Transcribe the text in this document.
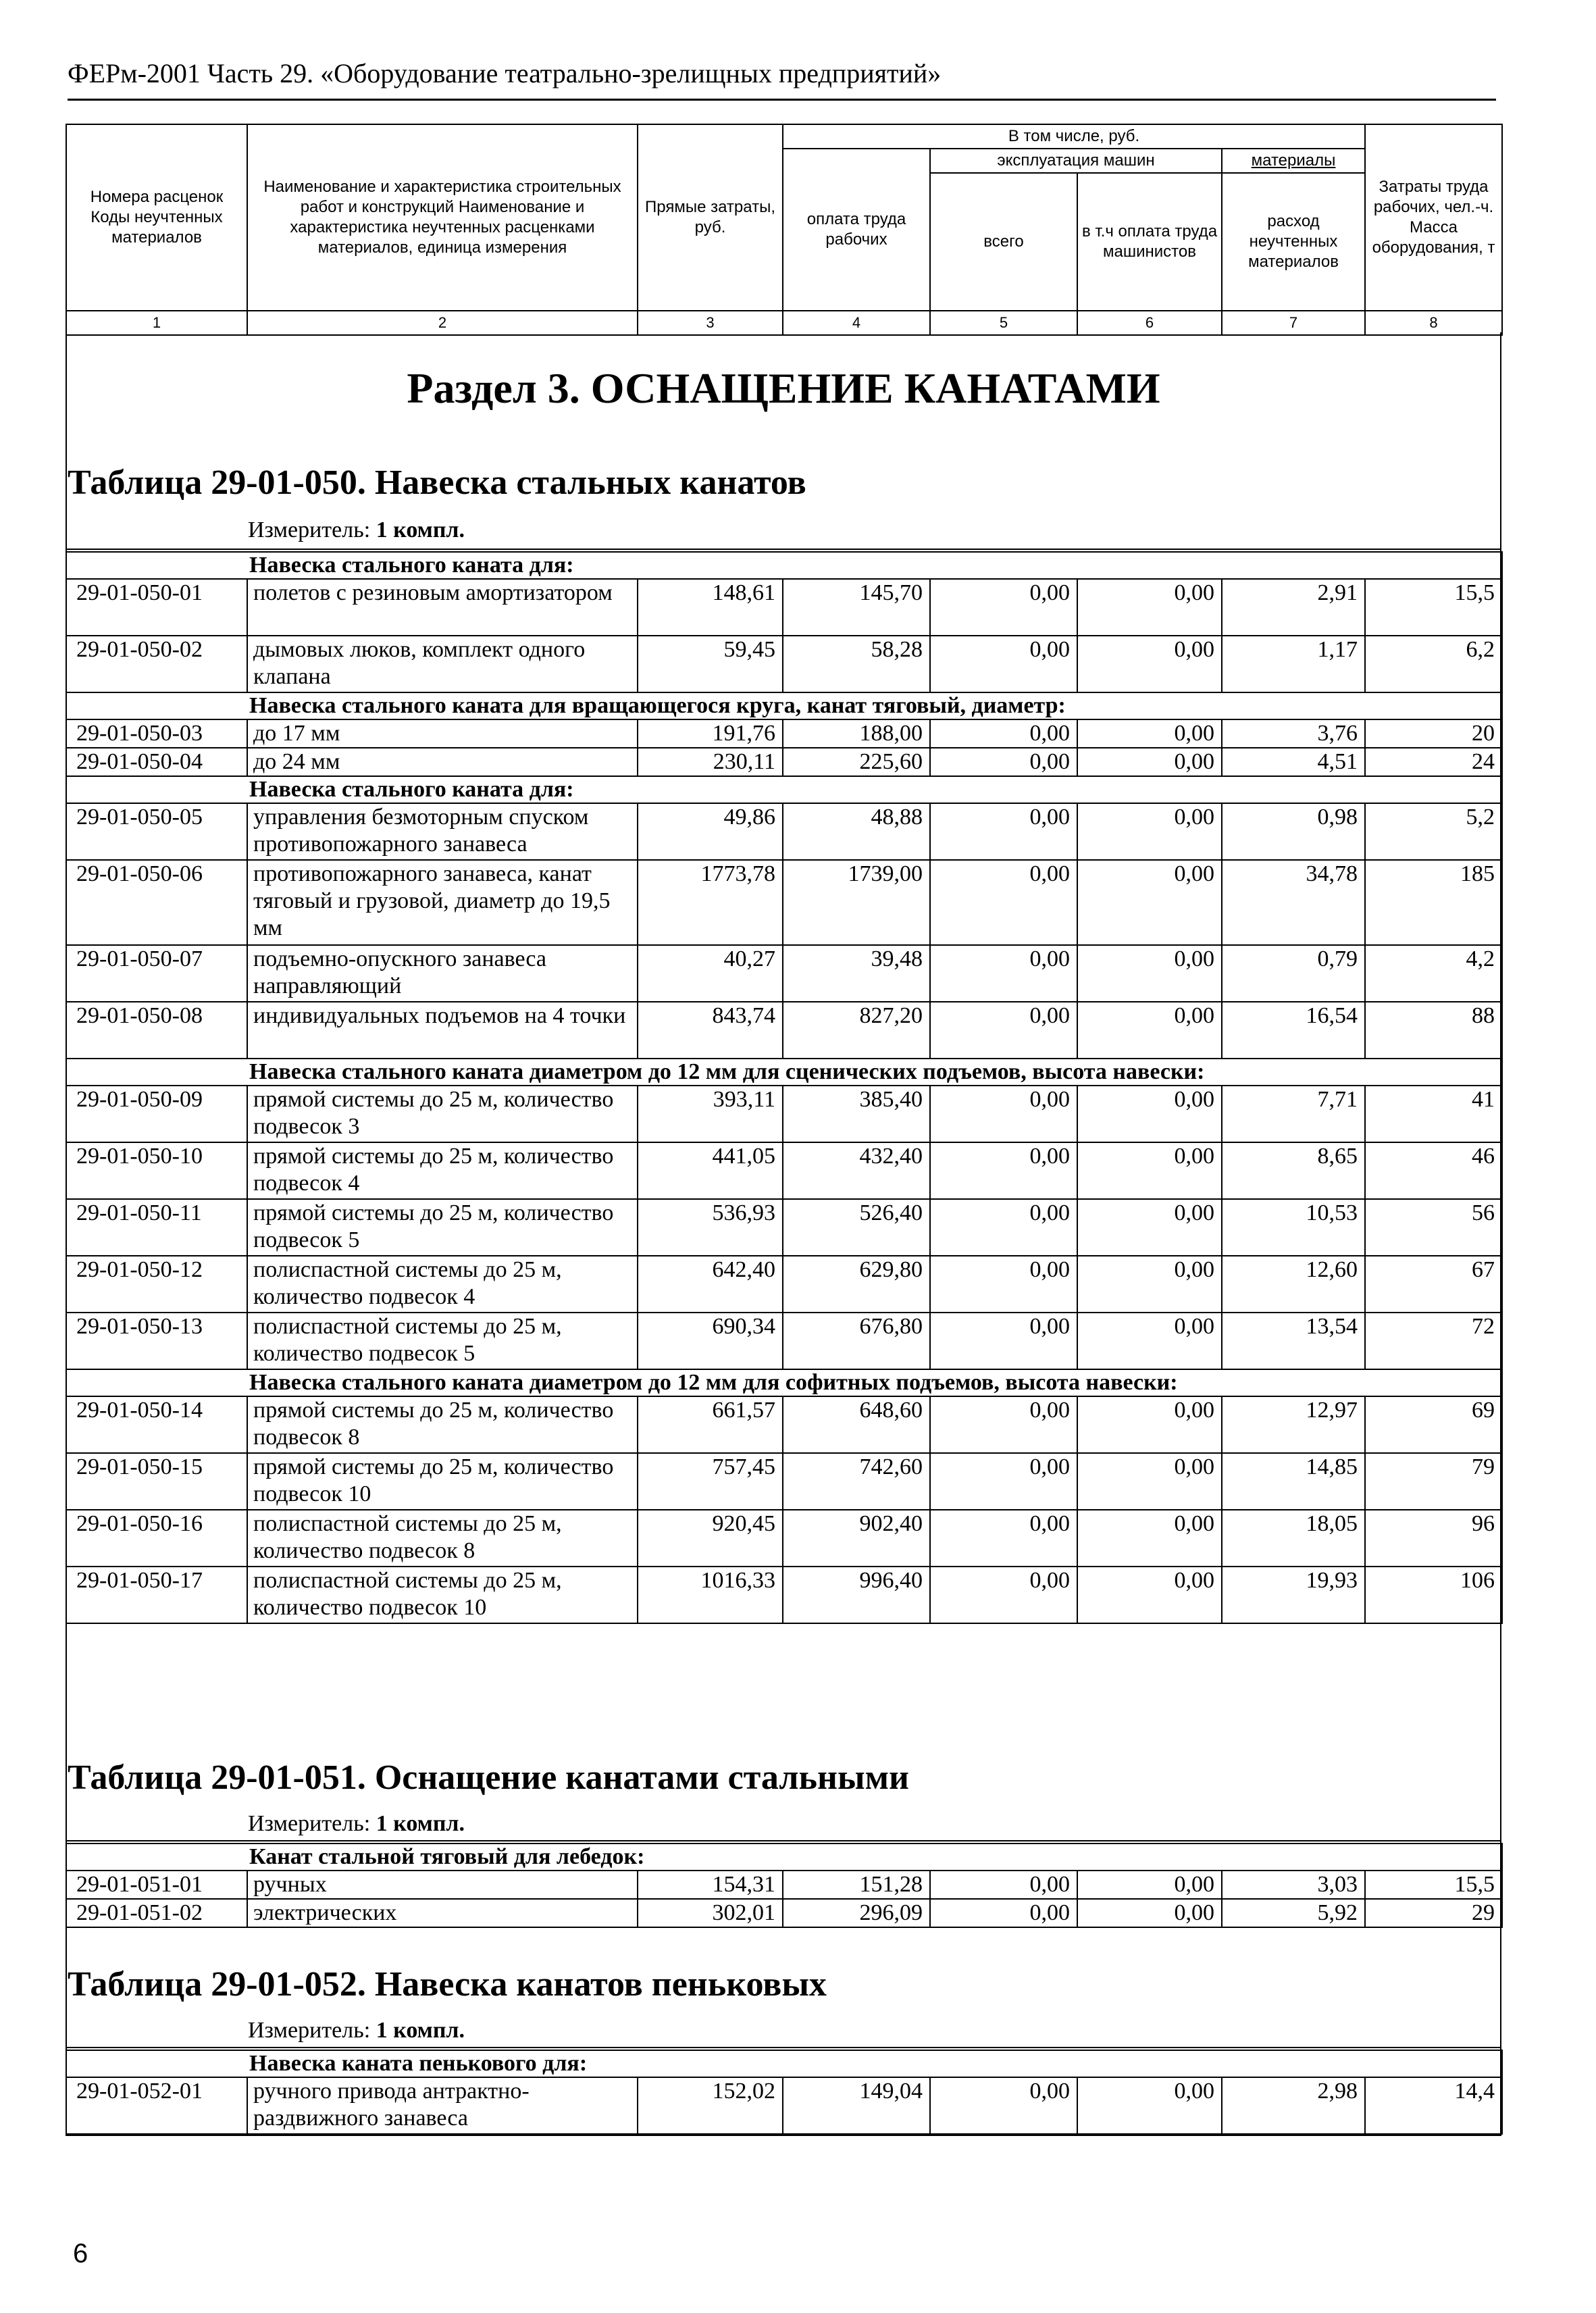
ФЕРм-2001 Часть 29. «Оборудование театрально-зрелищных предприятий»
Номера расценок Коды неучтенных материалов	Наименование и характеристика строительных работ и конструкций Наименование и характеристика неучтенных расценками материалов, единица измерения	Прямые затраты, руб.	В том числе, руб.				Затраты труда рабочих, чел.-ч. Масса оборудования, т

			оплата труда рабочих	эксплуатация машин		материалы	
				всего	в т.ч оплата труда машинистов	расход неучтенных материалов	

1	2	3	4	5	6	7	8
Раздел 3. ОСНАЩЕНИЕ КАНАТАМИ
Таблица 29-01-050. Навеска стальных канатов
Измеритель: 1 компл.
Навеска стального каната для:							
29-01-050-01	полетов с резиновым амортизатором	148,61	145,70	0,00	0,00	2,91	15,5
29-01-050-02	дымовых люков, комплект одного клапана	59,45	58,28	0,00	0,00	1,17	6,2
Навеска стального каната для вращающегося круга, канат тяговый, диаметр:							
29-01-050-03	до 17 мм	191,76	188,00	0,00	0,00	3,76	20
29-01-050-04	до 24 мм	230,11	225,60	0,00	0,00	4,51	24
Навеска стального каната для:							
29-01-050-05	управления безмоторным спуском противопожарного занавеса	49,86	48,88	0,00	0,00	0,98	5,2
29-01-050-06	противопожарного занавеса, канат тяговый и грузовой, диаметр до 19,5 мм	1773,78	1739,00	0,00	0,00	34,78	185
29-01-050-07	подъемно-опускного занавеса направляющий	40,27	39,48	0,00	0,00	0,79	4,2
29-01-050-08	индивидуальных подъемов на 4 точки	843,74	827,20	0,00	0,00	16,54	88
Навеска стального каната диаметром до 12 мм для сценических подъемов, высота навески:							
29-01-050-09	прямой системы до 25 м, количество подвесок 3	393,11	385,40	0,00	0,00	7,71	41
29-01-050-10	прямой системы до 25 м, количество подвесок 4	441,05	432,40	0,00	0,00	8,65	46
29-01-050-11	прямой системы до 25 м, количество подвесок 5	536,93	526,40	0,00	0,00	10,53	56
29-01-050-12	полиспастной системы до 25 м, количество подвесок 4	642,40	629,80	0,00	0,00	12,60	67
29-01-050-13	полиспастной системы до 25 м, количество подвесок 5	690,34	676,80	0,00	0,00	13,54	72
Навеска стального каната диаметром до 12 мм для софитных подъемов, высота навески:							
29-01-050-14	прямой системы до 25 м, количество подвесок 8	661,57	648,60	0,00	0,00	12,97	69
29-01-050-15	прямой системы до 25 м, количество подвесок 10	757,45	742,60	0,00	0,00	14,85	79
29-01-050-16	полиспастной системы до 25 м, количество подвесок 8	920,45	902,40	0,00	0,00	18,05	96
29-01-050-17	полиспастной системы до 25 м, количество подвесок 10	1016,33	996,40	0,00	0,00	19,93	106
Таблица 29-01-051. Оснащение канатами стальными
Измеритель: 1 компл.
Канат стальной тяговый для лебедок:							
29-01-051-01	ручных	154,31	151,28	0,00	0,00	3,03	15,5
29-01-051-02	электрических	302,01	296,09	0,00	0,00	5,92	29
Таблица 29-01-052. Навеска канатов пеньковых
Измеритель: 1 компл.
Навеска каната пенькового для:
29-01-052-01	ручного привода антрактно-раздвижного занавеса	152,02	149,04	0,00	0,00	2,98	14,4
6
